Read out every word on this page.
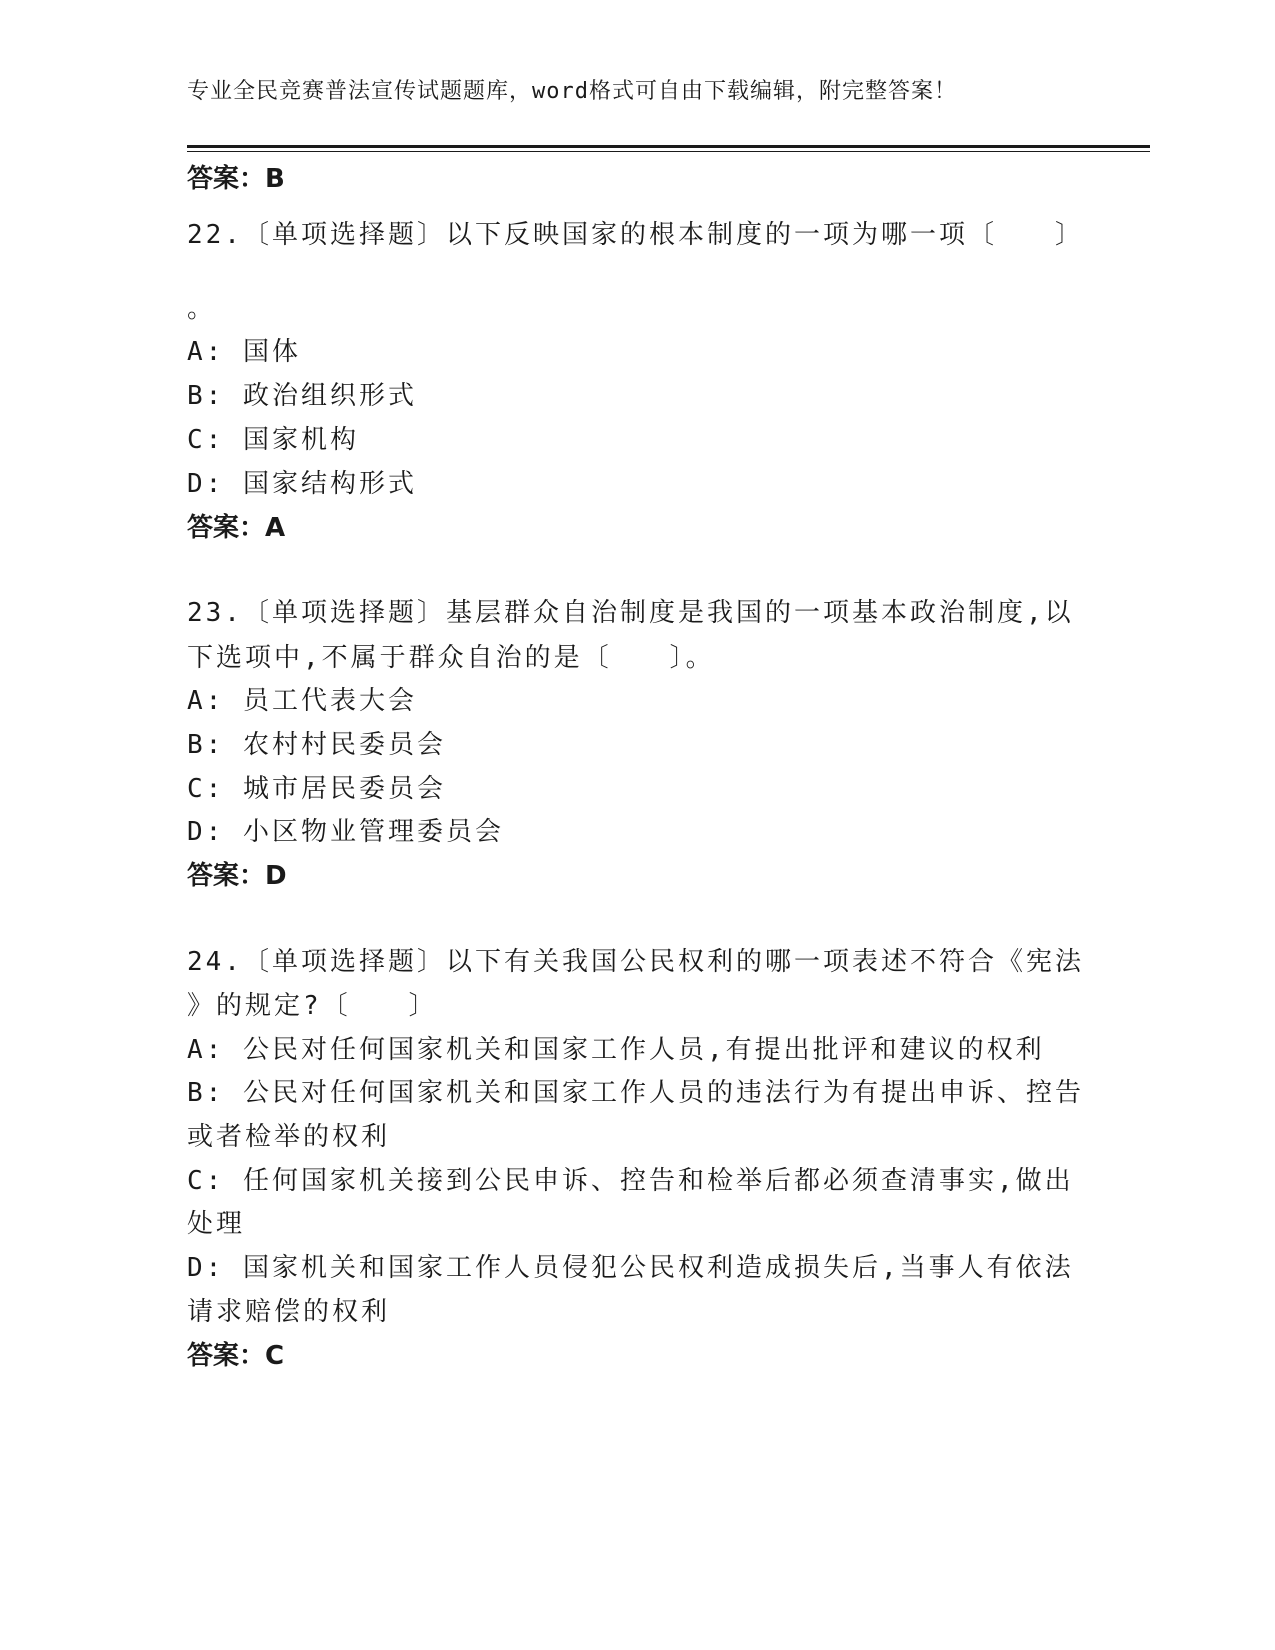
专业全民竞赛普法宣传试题题库，word格式可自由下载编辑，附完整答案！
答案：B
22.〔单项选择题〕以下反映国家的根本制度的一项为哪一项〔　　〕
。
A: 国体
B: 政治组织形式
C: 国家机构
D: 国家结构形式
答案：A
23.〔单项选择题〕基层群众自治制度是我国的一项基本政治制度,以
下选项中,不属于群众自治的是〔　　〕。
A: 员工代表大会
B: 农村村民委员会
C: 城市居民委员会
D: 小区物业管理委员会
答案：D
24.〔单项选择题〕以下有关我国公民权利的哪一项表述不符合《宪法
》的规定?〔　　〕
A: 公民对任何国家机关和国家工作人员,有提出批评和建议的权利
B: 公民对任何国家机关和国家工作人员的违法行为有提出申诉、控告
或者检举的权利
C: 任何国家机关接到公民申诉、控告和检举后都必须查清事实,做出
处理
D: 国家机关和国家工作人员侵犯公民权利造成损失后,当事人有依法
请求赔偿的权利
答案：C
